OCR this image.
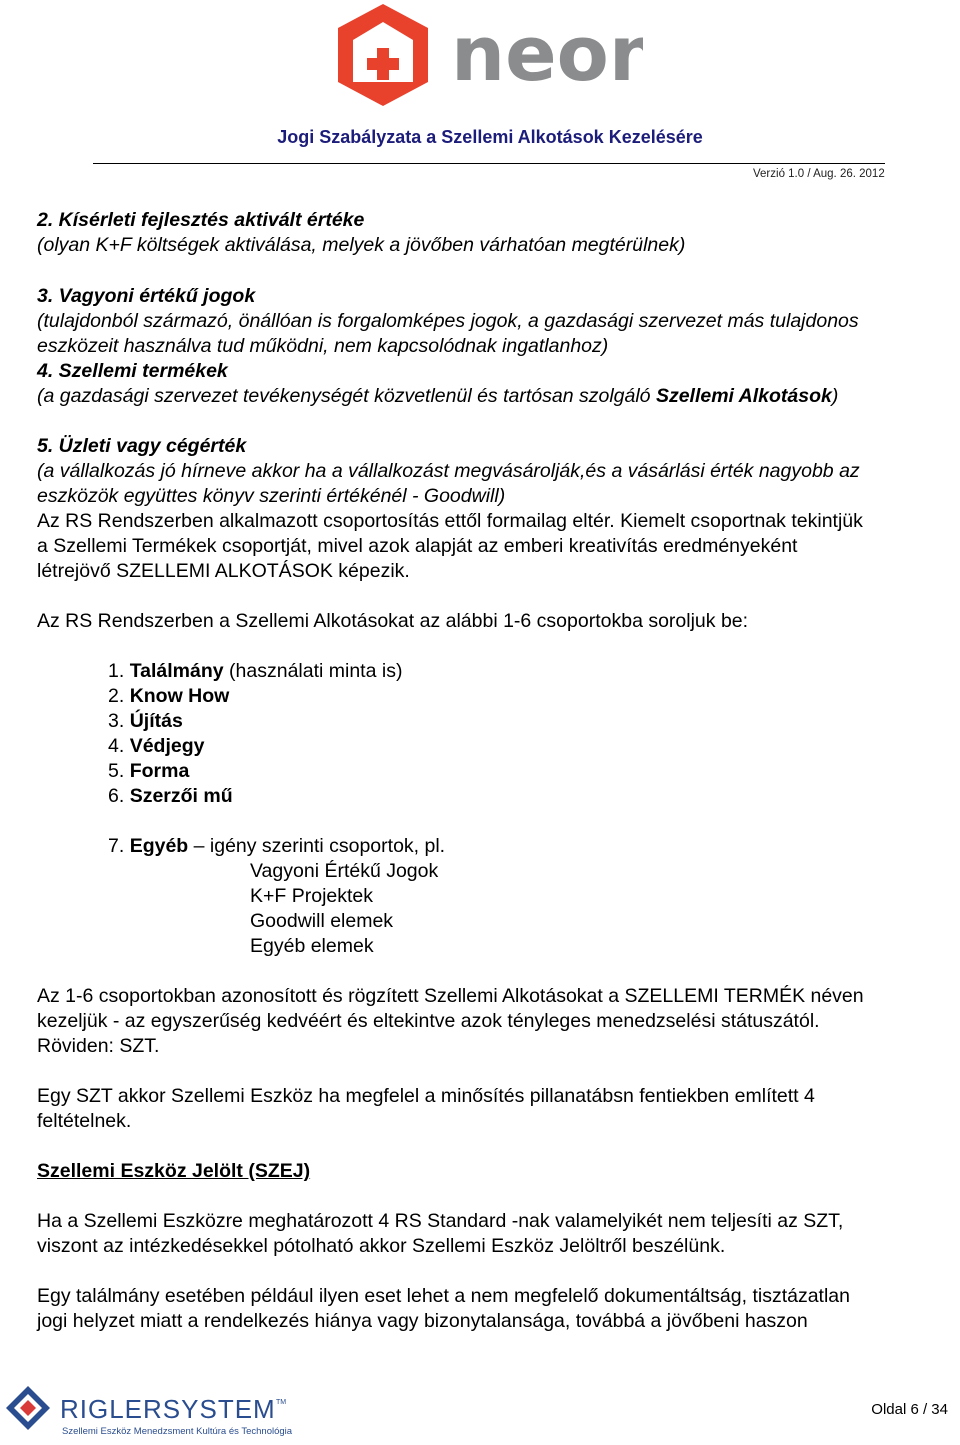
neon
Jogi Szabályzata a Szellemi Alkotások Kezelésére
Verzió 1.0 / Aug. 26. 2012
2. Kísérleti fejlesztés aktivált értéke
(olyan K+F költségek aktiválása, melyek a jövőben várhatóan megtérülnek)
3. Vagyoni értékű jogok
(tulajdonból származó, önállóan is forgalomképes jogok, a gazdasági szervezet más tulajdonos
eszközeit használva tud működni, nem kapcsolódnak ingatlanhoz)
4. Szellemi termékek
(a gazdasági szervezet tevékenységét közvetlenül és tartósan szolgáló Szellemi Alkotások)
5. Üzleti vagy cégérték
(a vállalkozás jó hírneve akkor ha a vállalkozást megvásárolják,és a vásárlási érték nagyobb az
eszközök együttes könyv szerinti értékénél - Goodwill)
Az RS Rendszerben alkalmazott csoportosítás ettől formailag eltér. Kiemelt csoportnak tekintjük
a Szellemi Termékek csoportját, mivel azok alapját az emberi kreativítás eredményeként
létrejövő SZELLEMI ALKOTÁSOK képezik.
Az RS Rendszerben a Szellemi Alkotásokat az alábbi 1-6 csoportokba soroljuk be:
1. Találmány (használati minta is)
2. Know How
3. Újítás
4. Védjegy
5. Forma
6. Szerzői mű
7. Egyéb – igény szerinti csoportok, pl.
Vagyoni Értékű Jogok
K+F Projektek
Goodwill elemek
Egyéb elemek
Az 1-6 csoportokban azonosított és rögzített Szellemi Alkotásokat a SZELLEMI TERMÉK néven
kezeljük - az egyszerűség kedvéért és eltekintve azok tényleges menedzselési státuszától.
Röviden: SZT.
Egy SZT akkor Szellemi Eszköz ha megfelel a minősítés pillanatábsn fentiekben említett 4
feltételnek.
Szellemi Eszköz Jelölt (SZEJ)
Ha a Szellemi Eszközre meghatározott 4 RS Standard -nak valamelyikét nem teljesíti az SZT,
viszont az intézkedésekkel pótolható akkor Szellemi Eszköz Jelöltről beszélünk.
Egy találmány esetében például ilyen eset lehet a nem megfelelő dokumentáltság, tisztázatlan
jogi helyzet miatt a rendelkezés hiánya vagy bizonytalansága, továbbá a jövőbeni haszon
RIGLERSYSTEM TM
Szellemi Eszköz Menedzsment Kultúra és Technológia
Oldal 6 / 34
